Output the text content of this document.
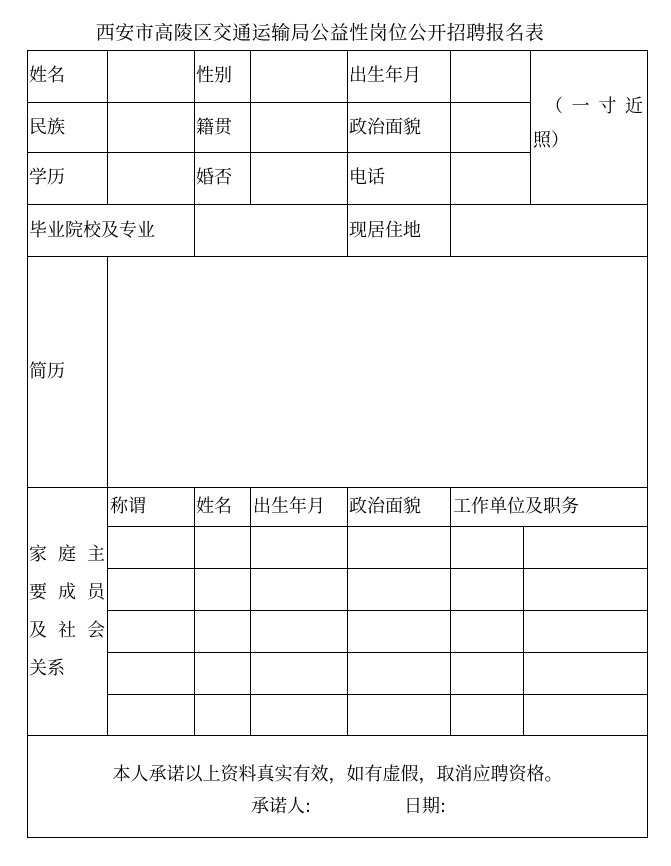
西安市高陵区交通运输局公益性岗位公开招聘报名表
姓名	性别	出生年月
民族	籍贯	政治面貌
学历	婚否	电话
（ 一 寸 近
照）
毕业院校及专业	现居住地
简历
称谓	姓名 出生年月 政治面貌 工作单位及职务
家 庭 主
要 成 员
及 社 会
关系
本人承诺以上资料真实有效，如有虚假，取消应聘资格。
承诺人:	日期:
